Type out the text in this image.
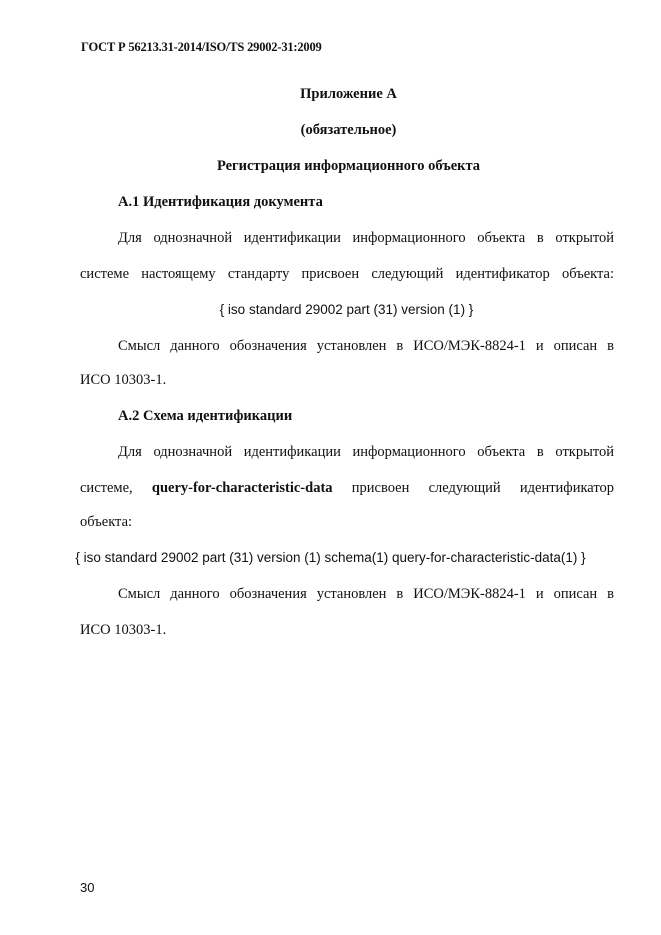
ГОСТ Р 56213.31-2014/ISO/TS 29002-31:2009
Приложение А
(обязательное)
Регистрация информационного объекта
А.1 Идентификация документа
Для однозначной идентификации информационного объекта в открытой
системе настоящему стандарту присвоен следующий идентификатор объекта:
{ iso standard 29002 part (31) version (1) }
Смысл данного обозначения установлен в ИСО/МЭК-8824-1 и описан в
ИСО 10303-1.
А.2 Схема идентификации
Для однозначной идентификации информационного объекта в открытой
системе, query-for-characteristic-data присвоен следующий идентификатор
объекта:
{ iso standard 29002 part (31) version (1) schema(1) query-for-characteristic-data(1) }
Смысл данного обозначения установлен в ИСО/МЭК-8824-1 и описан в
ИСО 10303-1.
30
